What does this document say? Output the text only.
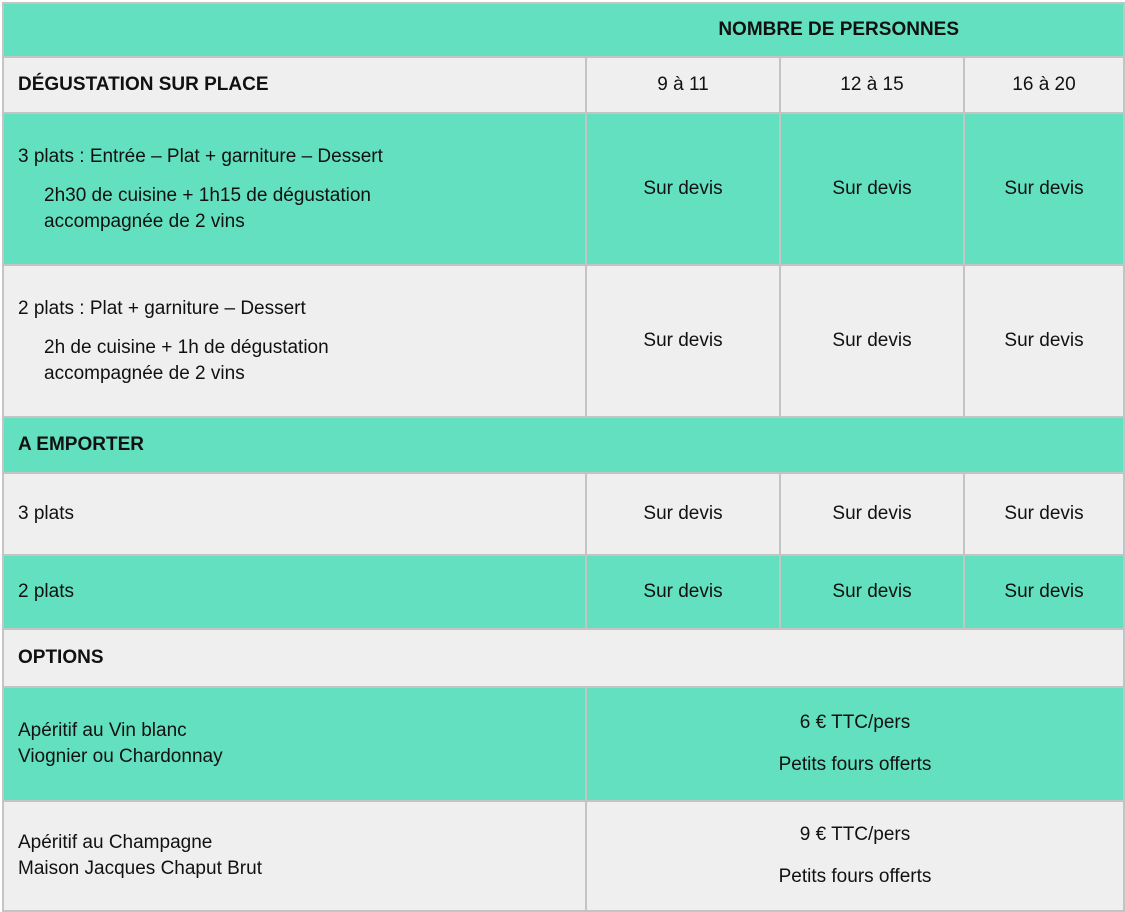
NOMBRE DE PERSONNES			
DÉGUSTATION SUR PLACE	9 à 11	12 à 15	16 à 20

3 plats : Entrée – Plat + garniture – Dessert
2h30 de cuisine + 1h15 de dégustation
accompagnée de 2 vins	Sur devis	Sur devis	Sur devis

2 plats : Plat + garniture – Dessert
2h de cuisine + 1h de dégustation
accompagnée de 2 vins	Sur devis	Sur devis	Sur devis
A EMPORTER			
3 plats	Sur devis	Sur devis	Sur devis
2 plats	Sur devis	Sur devis	Sur devis
OPTIONS			

Apéritif au Vin blanc
Viognier ou Chardonnay	6 € TTC/pers
Petits fours offerts		

Apéritif au Champagne
Maison Jacques Chaput Brut	9 € TTC/pers
Petits fours offerts		
